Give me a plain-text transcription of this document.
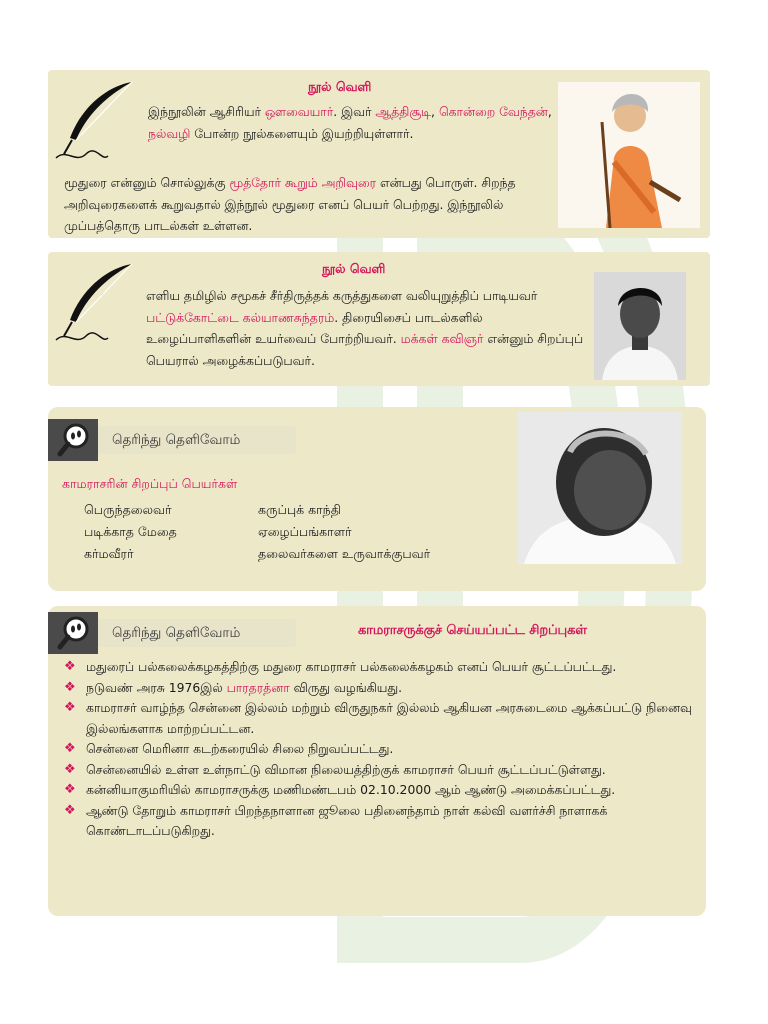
நூல் வெளி

இந்நூலின் ஆசிரியர் ஔவையார். இவர் ஆத்திசூடி, கொன்றை வேந்தன், நல்வழி போன்ற நூல்களையும் இயற்றியுள்ளார்.

மூதுரை என்னும் சொல்லுக்கு மூத்தோர் கூறும் அறிவுரை என்பது பொருள். சிறந்த அறிவுரைகளைக் கூறுவதால் இந்நூல் மூதுரை எனப் பெயர் பெற்றது. இந்நூலில் முப்பத்தொரு பாடல்கள் உள்ளன.

நூல் வெளி

எளிய தமிழில் சமூகச் சீர்திருத்தக் கருத்துகளை வலியுறுத்திப் பாடியவர் பட்டுக்கோட்டை கல்யாணசுந்தரம். திரையிசைப் பாடல்களில் உழைப்பாளிகளின் உயர்வைப் போற்றியவர். மக்கள் கவிஞர் என்னும் சிறப்புப் பெயரால் அழைக்கப்படுபவர்.

தெரிந்து தெளிவோம்
காமராசரின் சிறப்புப் பெயர்கள்
பெருந்தலைவர்	கருப்புக் காந்தி
படிக்காத மேதை	ஏழைப்பங்காளர்
கர்மவீரர்	தலைவர்களை உருவாக்குபவர்
தெரிந்து தெளிவோம்	காமராசருக்குச் செய்யப்பட்ட சிறப்புகள்
❖ மதுரைப் பல்கலைக்கழகத்திற்கு மதுரை காமராசர் பல்கலைக்கழகம் எனப் பெயர் சூட்டப்பட்டது.
❖ நடுவண் அரசு 1976இல் பாரதரத்னா விருது வழங்கியது.
❖ காமராசர் வாழ்ந்த சென்னை இல்லம் மற்றும் விருதுநகர் இல்லம் ஆகியன அரசுடைமை ஆக்கப்பட்டு நினைவு இல்லங்களாக மாற்றப்பட்டன.
❖ சென்னை மெரினா கடற்கரையில் சிலை நிறுவப்பட்டது.
❖ சென்னையில் உள்ள உள்நாட்டு விமான நிலையத்திற்குக் காமராசர் பெயர் சூட்டப்பட்டுள்ளது.
❖ கன்னியாகுமரியில் காமராசருக்கு மணிமண்டபம் 02.10.2000 ஆம் ஆண்டு அமைக்கப்பட்டது.
❖ ஆண்டு தோறும் காமராசர் பிறந்தநாளான ஜூலை பதினைந்தாம் நாள் கல்வி வளர்ச்சி நாளாகக் கொண்டாடப்படுகிறது.
